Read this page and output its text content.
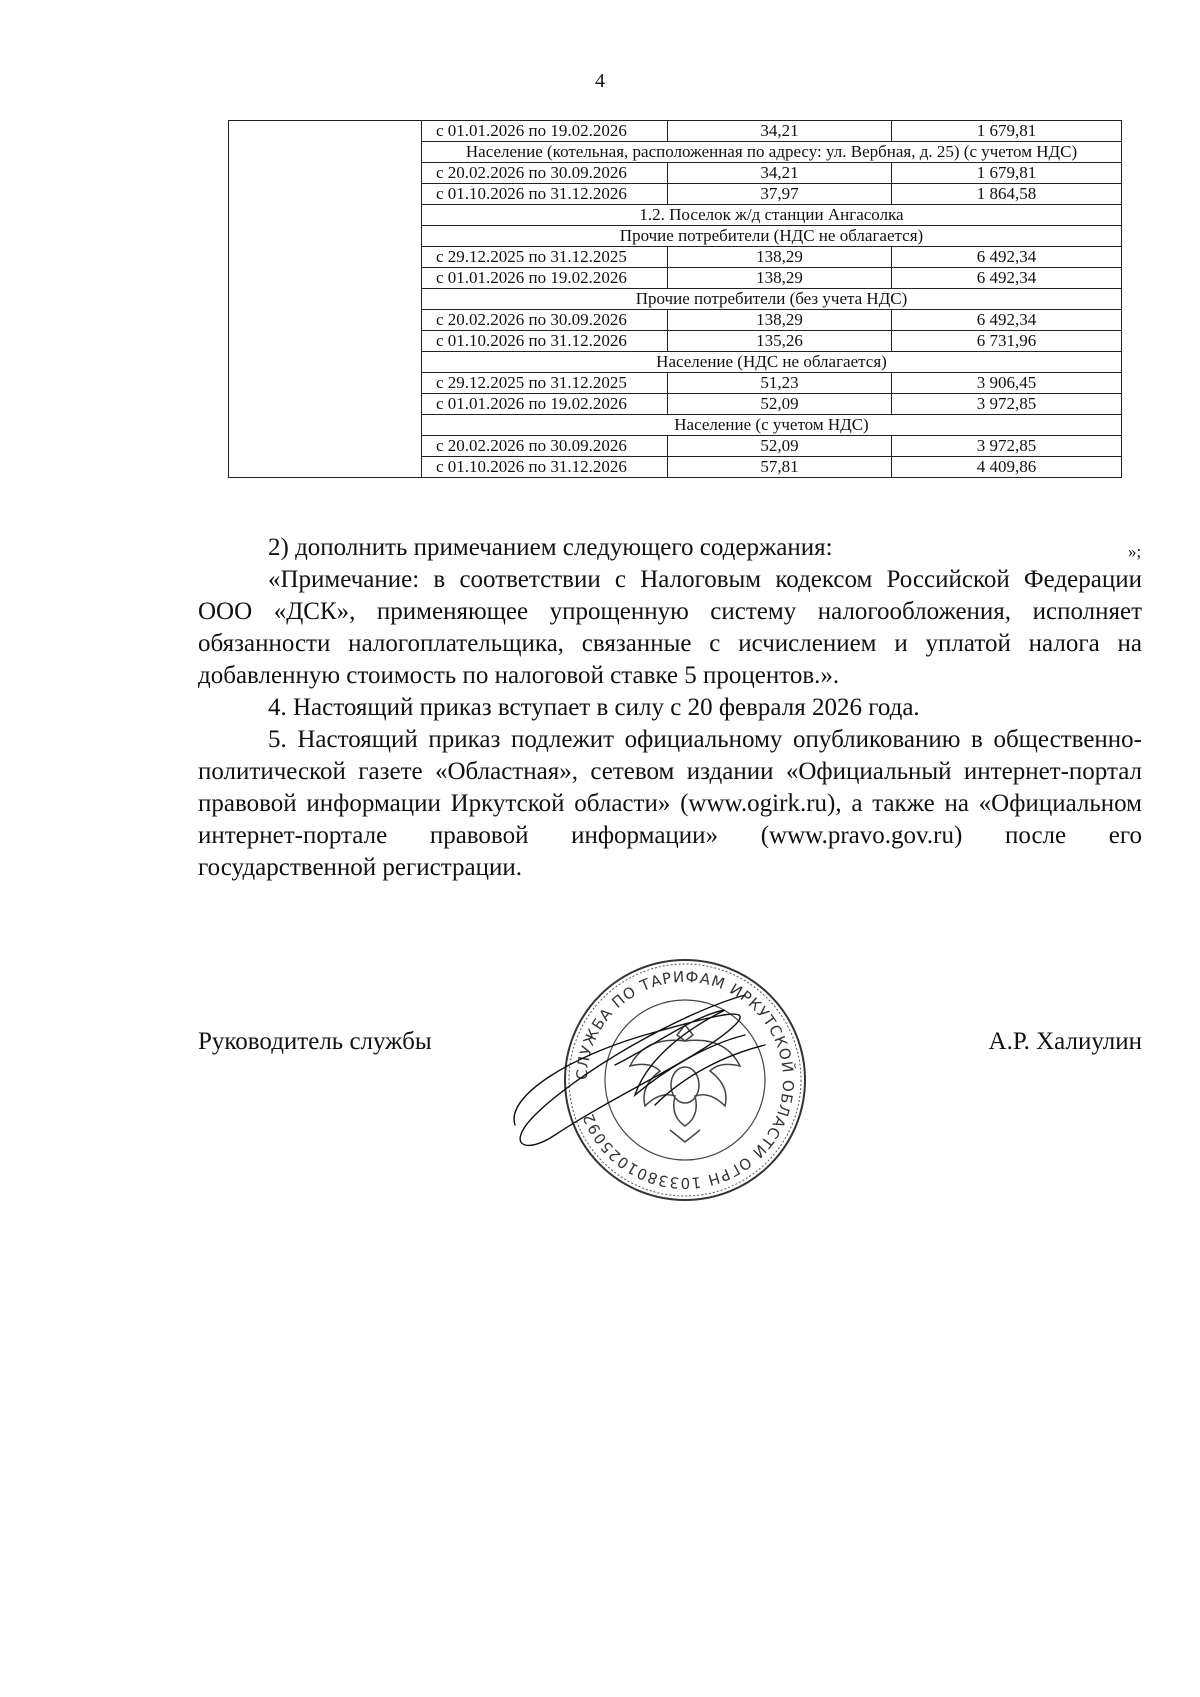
4
	с 01.01.2026 по 19.02.2026	34,21	1 679,81
	Население (котельная, расположенная по адресу: ул. Вербная, д. 25) (с учетом НДС)		
	с 20.02.2026 по 30.09.2026	34,21	1 679,81
	с 01.10.2026 по 31.12.2026	37,97	1 864,58
	1.2. Поселок ж/д станции Ангасолка		
	Прочие потребители (НДС не облагается)		
	с 29.12.2025 по 31.12.2025	138,29	6 492,34
	с 01.01.2026 по 19.02.2026	138,29	6 492,34
	Прочие потребители (без учета НДС)		
	с 20.02.2026 по 30.09.2026	138,29	6 492,34
	с 01.10.2026 по 31.12.2026	135,26	6 731,96
	Население (НДС не облагается)		
	с 29.12.2025 по 31.12.2025	51,23	3 906,45
	с 01.01.2026 по 19.02.2026	52,09	3 972,85
	Население (с учетом НДС)		
	с 20.02.2026 по 30.09.2026	52,09	3 972,85
	с 01.10.2026 по 31.12.2026	57,81	4 409,86
»;

2) дополнить примечанием следующего содержания:

«Примечание: в соответствии с Налоговым кодексом Российской Федерации ООО «ДСК», применяющее упрощенную систему налогообложения, исполняет обязанности налогоплательщика, связанные с исчислением и уплатой налога на добавленную стоимость по налоговой ставке 5 процентов.».

4. Настоящий приказ вступает в силу с 20 февраля 2026 года.

5. Настоящий приказ подлежит официальному опубликованию в общественно-политической газете «Областная», сетевом издании «Официальный интернет-портал правовой информации Иркутской области» (www.ogirk.ru), а также на «Официальном интернет-портале правовой информации» (www.pravo.gov.ru) после его государственной регистрации.

Руководитель службы	А.Р. Халиулин
СЛУЖБА ПО ТАРИФАМ ИРКУТСКОЙ ОБЛАСТИ ОГРН 1033801025092
